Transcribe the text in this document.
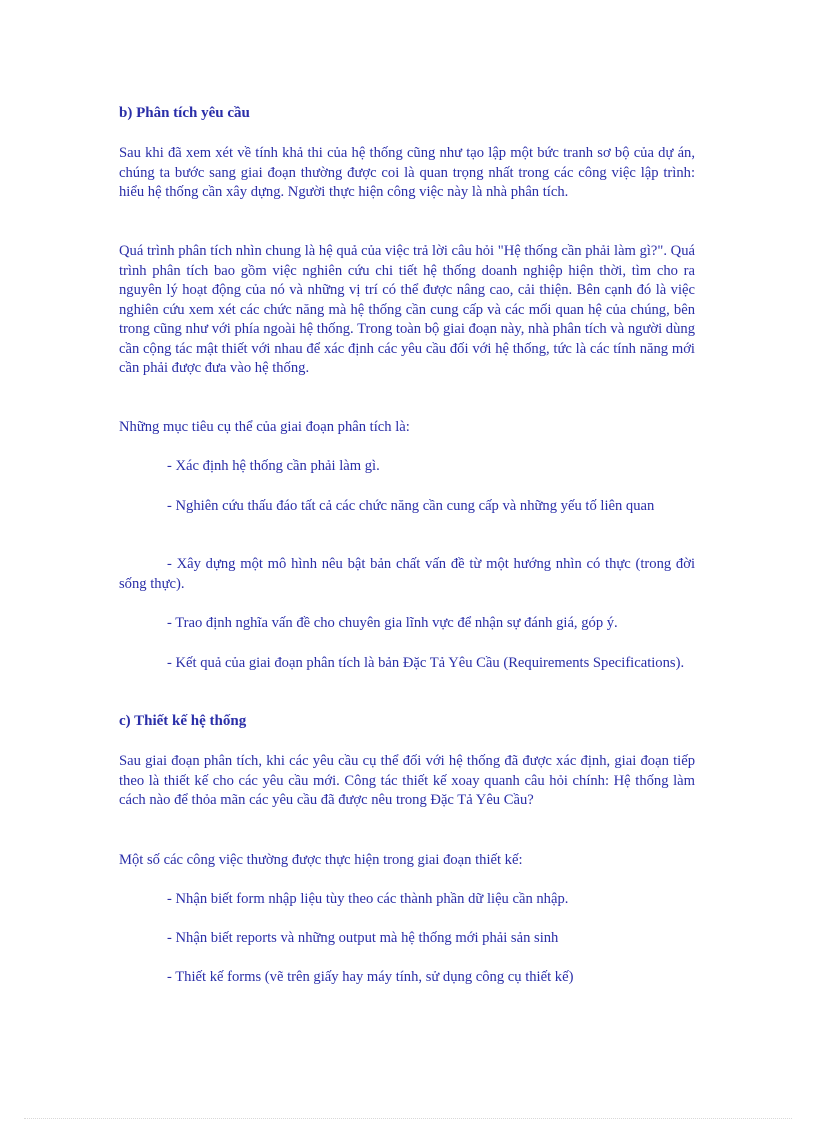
b) Phân tích yêu cầu
Sau khi đã xem xét về tính khả thi của hệ thống cũng như tạo lập một bức tranh sơ bộ của dự án, chúng ta bước sang giai đoạn thường được coi là quan trọng nhất trong các công việc lập trình: hiểu hệ thống cần xây dựng. Người thực hiện công việc này là nhà phân tích.
Quá trình phân tích nhìn chung là hệ quả của việc trả lời câu hỏi "Hệ thống cần phải làm gì?". Quá trình phân tích bao gồm việc nghiên cứu chi tiết hệ thống doanh nghiệp hiện thời, tìm cho ra nguyên lý hoạt động của nó và những vị trí có thể được nâng cao, cải thiện. Bên cạnh đó là việc nghiên cứu xem xét các chức năng mà hệ thống cần cung cấp và các mối quan hệ của chúng, bên trong cũng như với phía ngoài hệ thống. Trong toàn bộ giai đoạn này, nhà phân tích và người dùng cần cộng tác mật thiết với nhau để xác định các yêu cầu đối với hệ thống, tức là các tính năng mới cần phải được đưa vào hệ thống.
Những mục tiêu cụ thể của giai đoạn phân tích là:
- Xác định hệ thống cần phải làm gì.
- Nghiên cứu thấu đáo tất cả các chức năng cần cung cấp và những yếu tố liên quan
- Xây dựng một mô hình nêu bật bản chất vấn đề từ một hướng nhìn có thực (trong đời sống thực).
- Trao định nghĩa vấn đề cho chuyên gia lĩnh vực để nhận sự đánh giá, góp ý.
- Kết quả của giai đoạn phân tích là bản Đặc Tả Yêu Cầu (Requirements Specifications).
c) Thiết kế hệ thống
Sau giai đoạn phân tích, khi các yêu cầu cụ thể đối với hệ thống đã được xác định, giai đoạn tiếp theo là thiết kế cho các yêu cầu mới. Công tác thiết kế xoay quanh câu hỏi chính: Hệ thống làm cách nào để thỏa mãn các yêu cầu đã được nêu trong Đặc Tả Yêu Cầu?
Một số các công việc thường được thực hiện trong giai đoạn thiết kế:
- Nhận biết form nhập liệu tùy theo các thành phần dữ liệu cần nhập.
- Nhận biết reports và những output mà hệ thống mới phải sản sinh
- Thiết kế forms (vẽ trên giấy hay máy tính, sử dụng công cụ thiết kế)
